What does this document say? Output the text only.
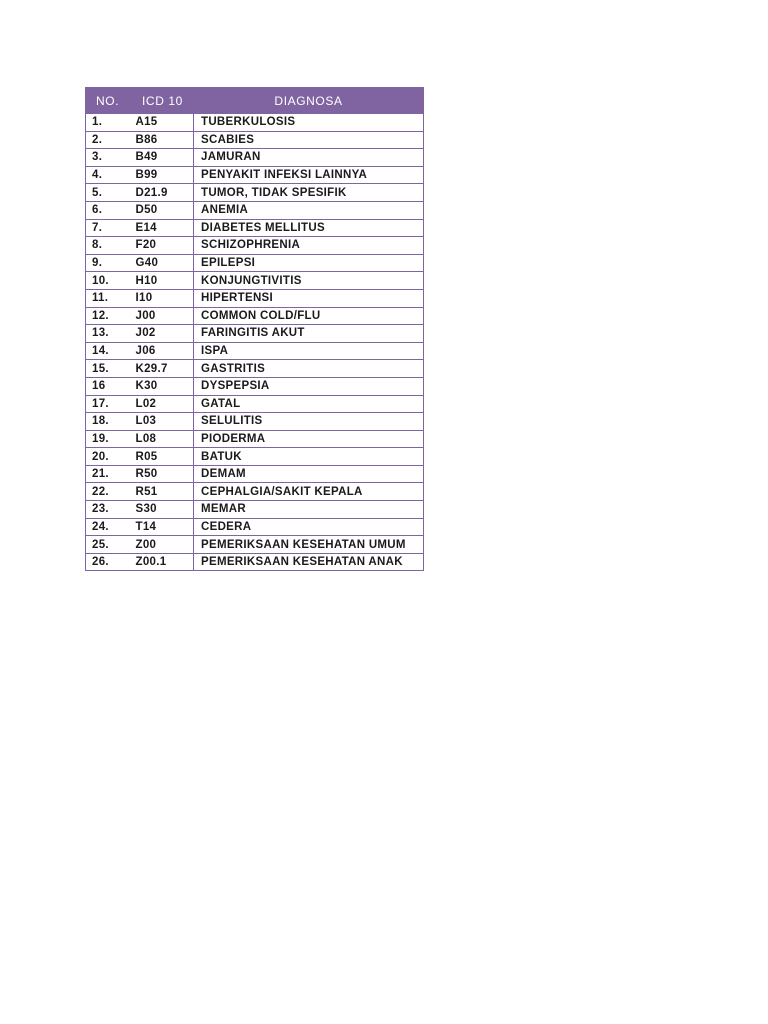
NO.	ICD 10	DIAGNOSA
1.	A15	TUBERKULOSIS
2.	B86	SCABIES
3.	B49	JAMURAN
4.	B99	PENYAKIT INFEKSI LAINNYA
5.	D21.9	TUMOR, TIDAK SPESIFIK
6.	D50	ANEMIA
7.	E14	DIABETES MELLITUS
8.	F20	SCHIZOPHRENIA
9.	G40	EPILEPSI
10.	H10	KONJUNGTIVITIS
11.	I10	HIPERTENSI
12.	J00	COMMON COLD/FLU
13.	J02	FARINGITIS AKUT
14.	J06	ISPA
15.	K29.7	GASTRITIS
16	K30	DYSPEPSIA
17.	L02	GATAL
18.	L03	SELULITIS
19.	L08	PIODERMA
20.	R05	BATUK
21.	R50	DEMAM
22.	R51	CEPHALGIA/SAKIT KEPALA
23.	S30	MEMAR
24.	T14	CEDERA
25.	Z00	PEMERIKSAAN KESEHATAN UMUM
26.	Z00.1	PEMERIKSAAN KESEHATAN ANAK
